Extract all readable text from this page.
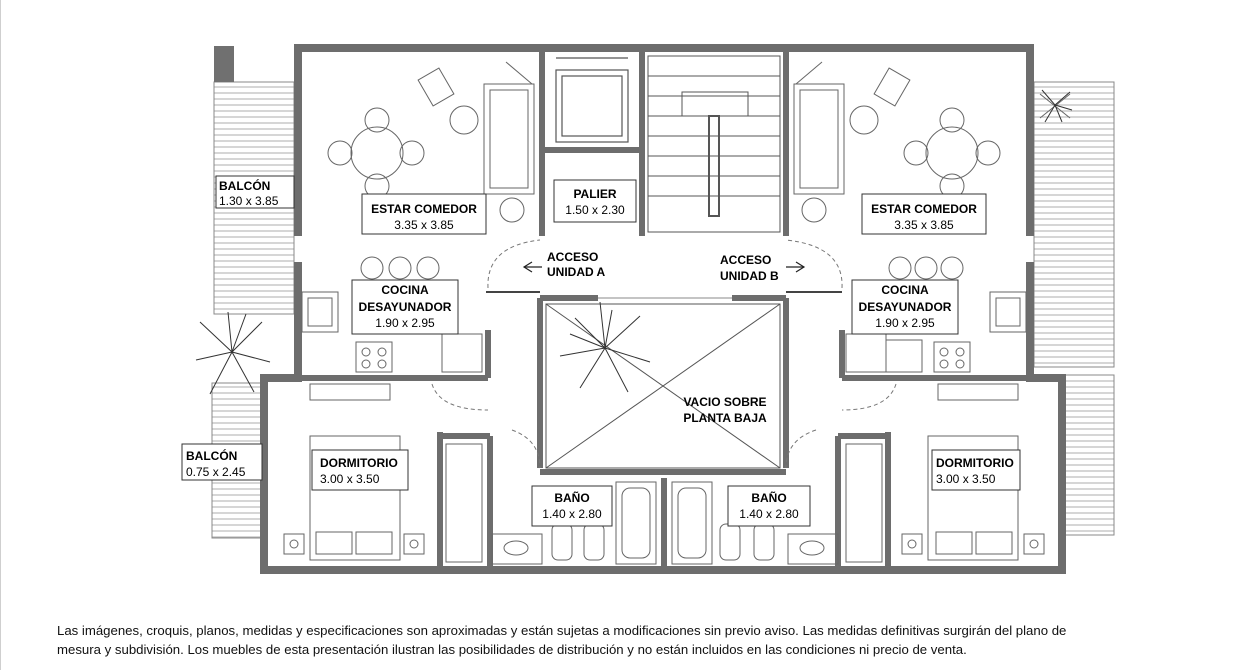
BALCÓN
1.30 x 3.85
ESTAR COMEDOR
3.35 x 3.85
PALIER
1.50 x 2.30	ESTAR COMEDOR
3.35 x 3.85
ACCESO
UNIDAD A
ACCESO
UNIDAD B
COCINA
DESAYUNADOR
1.90 x 2.95
COCINA
DESAYUNADOR
1.90 x 2.95
VACIO SOBRE
PLANTA BAJA
BALCÓN
0.75 x 2.45
DORMITORIO
3.00 x 3.50
DORMITORIO
3.00 x 3.50
BAÑO
1.40 x 2.80
BAÑO
1.40 x 2.80
Las imágenes, croquis, planos, medidas y especificaciones son aproximadas y están sujetas a modificaciones sin previo aviso. Las medidas definitivas surgirán del plano de
mesura y subdivisión. Los muebles de esta presentación ilustran las posibilidades de distribución y no están incluidos en las condiciones ni precio de venta.
